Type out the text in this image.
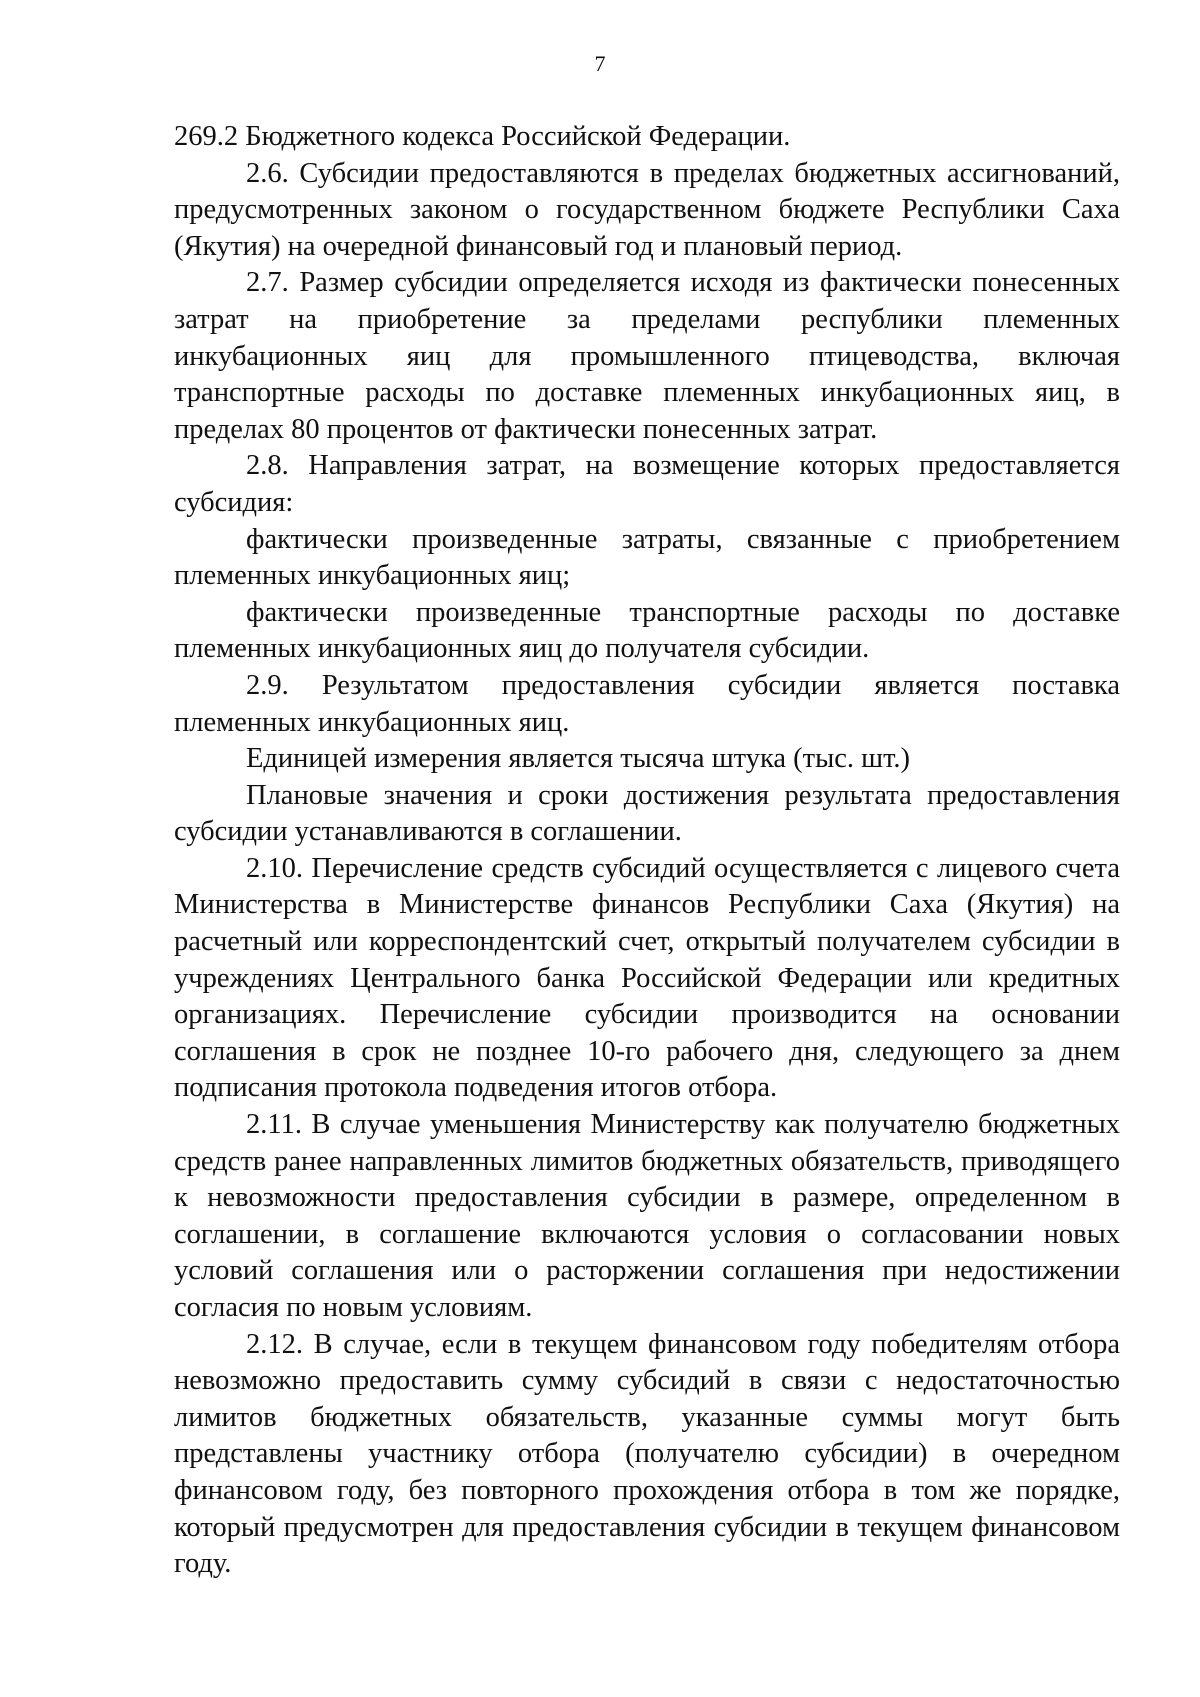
7

269.2 Бюджетного кодекса Российской Федерации.

2.6. Субсидии предоставляются в пределах бюджетных ассигнований, предусмотренных законом о государственном бюджете Республики Саха (Якутия) на очередной финансовый год и плановый период.

2.7. Размер субсидии определяется исходя из фактически понесенных затрат на приобретение за пределами республики племенных инкубационных яиц для промышленного птицеводства, включая транспортные расходы по доставке племенных инкубационных яиц, в пределах 80 процентов от фактически понесенных затрат.

2.8. Направления затрат, на возмещение которых предоставляется субсидия:

фактически произведенные затраты, связанные с приобретением племенных инкубационных яиц;

фактически произведенные транспортные расходы по доставке племенных инкубационных яиц до получателя субсидии.

2.9. Результатом предоставления субсидии является поставка племенных инкубационных яиц.

Единицей измерения является тысяча штука (тыс. шт.)

Плановые значения и сроки достижения результата предоставления субсидии устанавливаются в соглашении.

2.10. Перечисление средств субсидий осуществляется с лицевого счета Министерства в Министерстве финансов Республики Саха (Якутия) на расчетный или корреспондентский счет, открытый получателем субсидии в учреждениях Центрального банка Российской Федерации или кредитных организациях. Перечисление субсидии производится на основании соглашения в срок не позднее 10-го рабочего дня, следующего за днем подписания протокола подведения итогов отбора.

2.11. В случае уменьшения Министерству как получателю бюджетных средств ранее направленных лимитов бюджетных обязательств, приводящего к невозможности предоставления субсидии в размере, определенном в соглашении, в соглашение включаются условия о согласовании новых условий соглашения или о расторжении соглашения при недостижении согласия по новым условиям.

2.12. В случае, если в текущем финансовом году победителям отбора невозможно предоставить сумму субсидий в связи с недостаточностью лимитов бюджетных обязательств, указанные суммы могут быть представлены участнику отбора (получателю субсидии) в очередном финансовом году, без повторного прохождения отбора в том же порядке, который предусмотрен для предоставления субсидии в текущем финансовом году.
